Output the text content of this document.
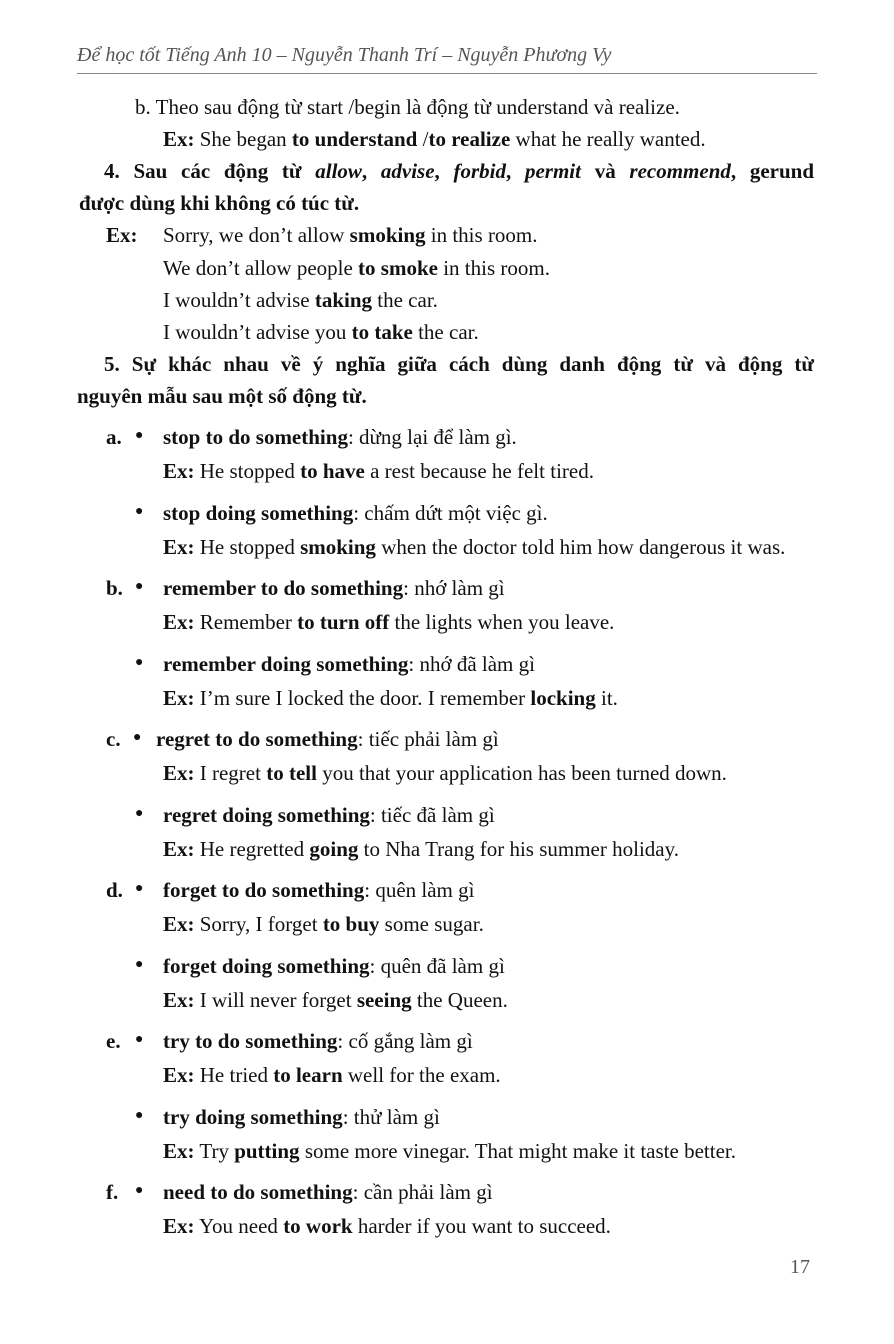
Để học tốt Tiếng Anh 10 – Nguyễn Thanh Trí – Nguyễn Phương Vy
b. Theo sau động từ start /begin là động từ understand và realize.
Ex: She began to understand /to realize what he really wanted.
4. Sau các động từ allow, advise, forbid, permit và recommend, gerund
được dùng khi không có túc từ.
Ex: Sorry, we don’t allow smoking in this room.
We don’t allow people to smoke in this room.
I wouldn’t advise taking the car.
I wouldn’t advise you to take the car.
5. Sự khác nhau về ý nghĩa giữa cách dùng danh động từ và động từ
nguyên mẫu sau một số động từ.
a. ● stop to do something: dừng lại để làm gì.
Ex: He stopped to have a rest because he felt tired.
● stop doing something: chấm dứt một việc gì.
Ex: He stopped smoking when the doctor told him how dangerous it was.
b. ● remember to do something: nhớ làm gì
Ex: Remember to turn off the lights when you leave.
● remember doing something: nhớ đã làm gì
Ex: I’m sure I locked the door. I remember locking it.
c. ● regret to do something: tiếc phải làm gì
Ex: I regret to tell you that your application has been turned down.
● regret doing something: tiếc đã làm gì
Ex: He regretted going to Nha Trang for his summer holiday.
d. ● forget to do something: quên làm gì
Ex: Sorry, I forget to buy some sugar.
● forget doing something: quên đã làm gì
Ex: I will never forget seeing the Queen.
e. ● try to do something: cố gắng làm gì
Ex: He tried to learn well for the exam.
● try doing something: thử làm gì
Ex: Try putting some more vinegar. That might make it taste better.
f. ● need to do something: cần phải làm gì
Ex: You need to work harder if you want to succeed.
17
